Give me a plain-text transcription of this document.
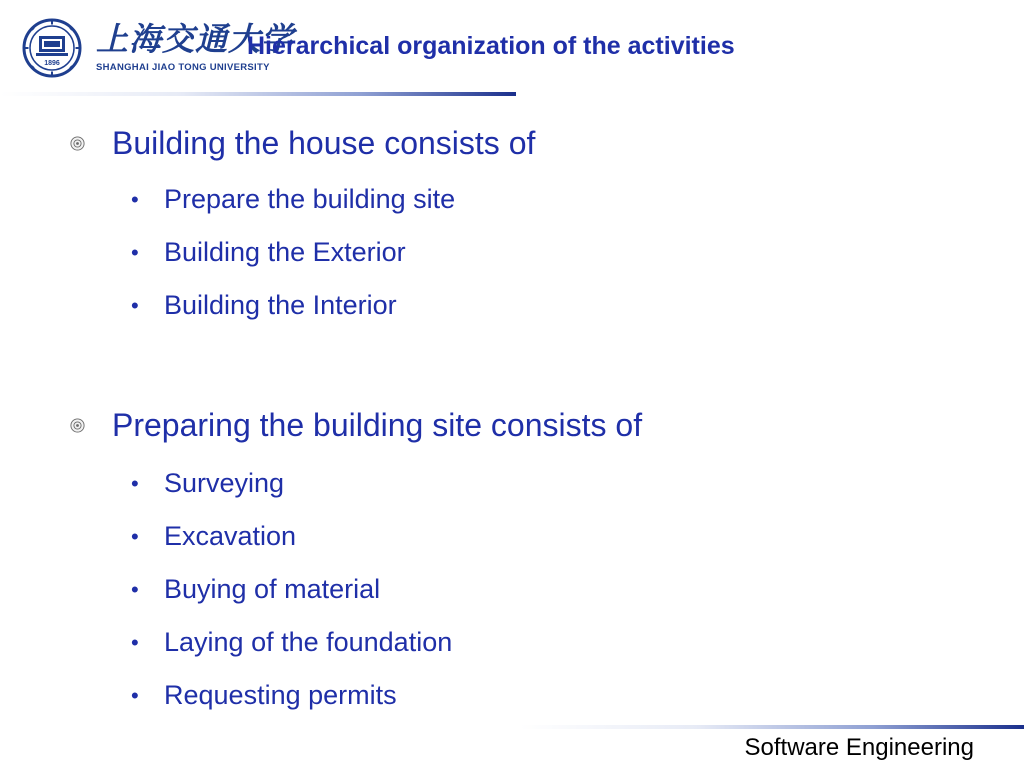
1896
上海交通大学
SHANGHAI JIAO TONG UNIVERSITY
Hierarchical organization of the activities
Building the house consists of
• Prepare the building site
• Building the Exterior
• Building the Interior
Preparing the building site consists of
• Surveying
• Excavation
• Buying of material
• Laying of the foundation
• Requesting permits
Software Engineering
